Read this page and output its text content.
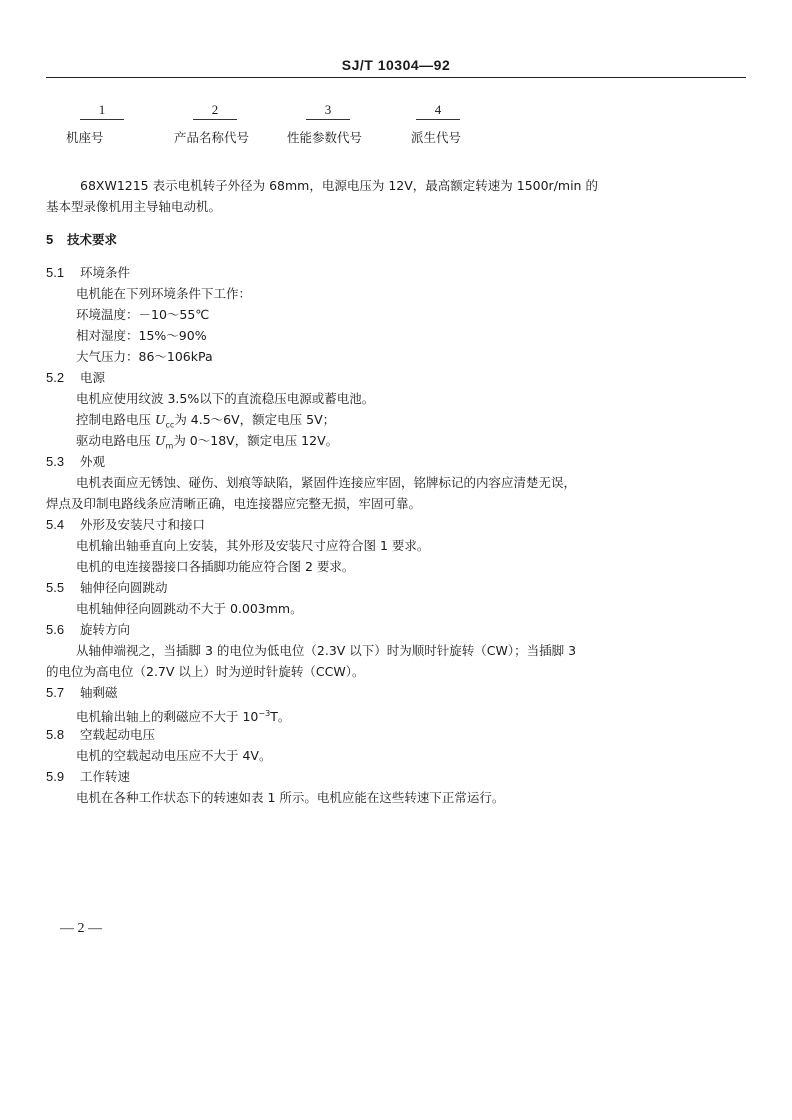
SJ/T 10304—92
1	2	3	4
机座号	产品名称代号	性能参数代号	派生代号
68XW1215 表示电机转子外径为 68mm，电源电压为 12V，最高额定转速为 1500r/min 的
基本型录像机用主导轴电动机。
5 技术要求
5.1 环境条件
电机能在下列环境条件下工作：
环境温度：－10～55℃
相对湿度：15%～90%
大气压力：86～106kPa
5.2 电源
电机应使用纹波 3.5%以下的直流稳压电源或蓄电池。
控制电路电压 $U_{cc}$为 4.5～6V，额定电压 5V；
驱动电路电压 $U_m$为 0～18V，额定电压 12V。
5.3 外观
电机表面应无锈蚀、碰伤、划痕等缺陷，紧固件连接应牢固，铭牌标记的内容应清楚无误，
焊点及印制电路线条应清晰正确，电连接器应完整无损，牢固可靠。
5.4 外形及安装尺寸和接口
电机输出轴垂直向上安装，其外形及安装尺寸应符合图 1 要求。
电机的电连接器接口各插脚功能应符合图 2 要求。
5.5 轴伸径向圆跳动
电机轴伸径向圆跳动不大于 0.003mm。
5.6 旋转方向
从轴伸端视之，当插脚 3 的电位为低电位（2.3V 以下）时为顺时针旋转（CW）；当插脚 3
的电位为高电位（2.7V 以上）时为逆时针旋转（CCW）。
5.7 轴剩磁
电机输出轴上的剩磁应不大于 $10^{-3}T$。
5.8 空载起动电压
电机的空载起动电压应不大于 4V。
5.9 工作转速
电机在各种工作状态下的转速如表 1 所示。电机应能在这些转速下正常运行。
— 2 —
